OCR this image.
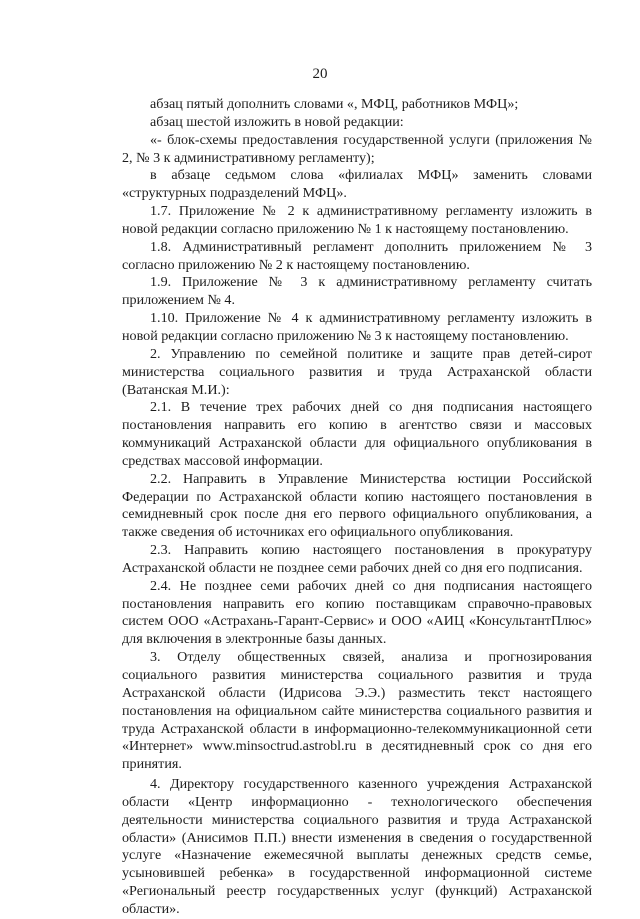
20

абзац пятый дополнить словами «, МФЦ, работников МФЦ»;

абзац шестой изложить в новой редакции:

«- блок-схемы предоставления государственной услуги (приложения № 2, № 3 к административному регламенту);

в абзаце седьмом слова «филиалах МФЦ» заменить словами «структурных подразделений МФЦ».

1.7. Приложение № 2 к административному регламенту изложить в новой редакции согласно приложению № 1 к настоящему постановлению.

1.8. Административный регламент дополнить приложением № 3 согласно приложению № 2 к настоящему постановлению.

1.9. Приложение № 3 к административному регламенту считать приложением № 4.

1.10. Приложение № 4 к административному регламенту изложить в новой редакции согласно приложению № 3 к настоящему постановлению.

2. Управлению по семейной политике и защите прав детей-сирот министерства социального развития и труда Астраханской области (Ватанская М.И.):

2.1. В течение трех рабочих дней со дня подписания настоящего постановления направить его копию в агентство связи и массовых коммуникаций Астраханской области для официального опубликования в средствах массовой информации.

2.2. Направить в Управление Министерства юстиции Российской Федерации по Астраханской области копию настоящего постановления в семидневный срок после дня его первого официального опубликования, а также сведения об источниках его официального опубликования.

2.3. Направить копию настоящего постановления в прокуратуру Астраханской области не позднее семи рабочих дней со дня его подписания.

2.4. Не позднее семи рабочих дней со дня подписания настоящего постановления направить его копию поставщикам справочно-правовых систем ООО «Астрахань-Гарант-Сервис» и ООО «АИЦ «КонсультантПлюс» для включения в электронные базы данных.

3. Отделу общественных связей, анализа и прогнозирования социального развития министерства социального развития и труда Астраханской области (Идрисова Э.Э.) разместить текст настоящего постановления на официальном сайте министерства социального развития и труда Астраханской области в информационно-телекоммуникационной сети «Интернет» www.minsoctrud.astrobl.ru в десятидневный срок со дня его принятия.

4. Директору государственного казенного учреждения Астраханской области «Центр информационно - технологического обеспечения деятельности министерства социального развития и труда Астраханской области» (Анисимов П.П.) внести изменения в сведения о государственной услуге «Назначение ежемесячной выплаты денежных средств семье, усыновившей ребенка» в государственной информационной системе «Региональный реестр государственных услуг (функций) Астраханской области».
